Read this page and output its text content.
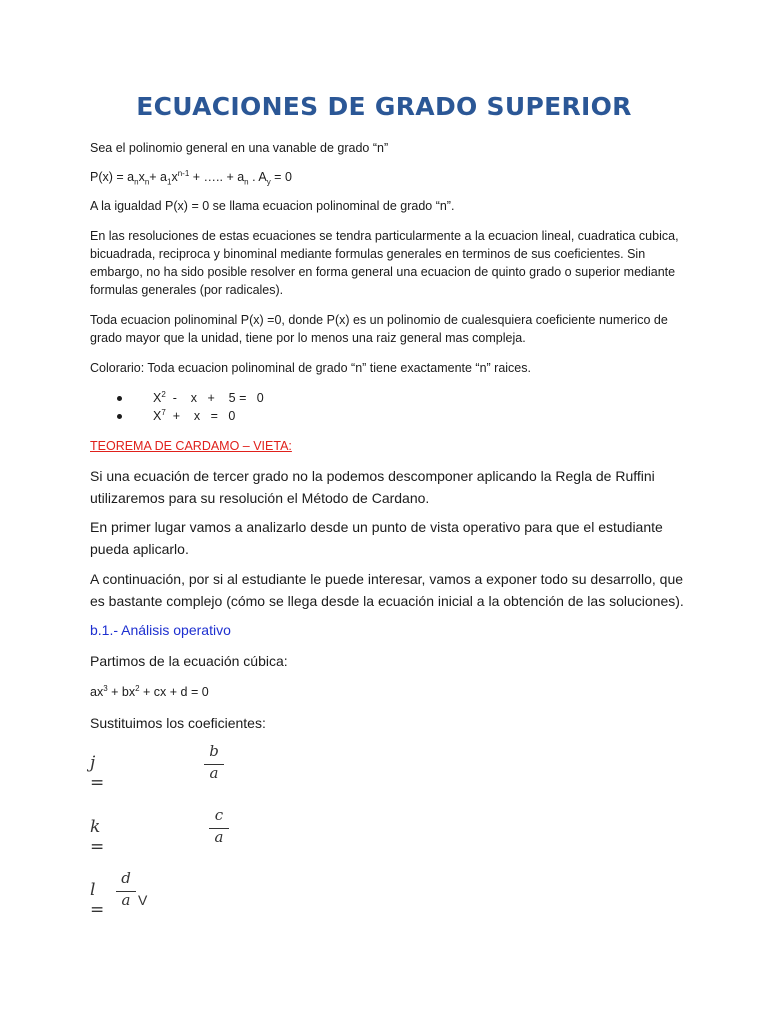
ECUACIONES DE GRADO SUPERIOR
Sea el polinomio general en una vanable de grado “n”
$P(x) = a_nx_n+ a_1x^{n-1}$ + ….. + $a_n$ . $A_y = 0$
A la igualdad P(x) = 0 se llama ecuacion polinominal de grado “n”.
En las resoluciones de estas ecuaciones se tendra particularmente a la ecuacion lineal, cuadratica cubica, bicuadrada, reciproca y binominal mediante formulas generales en terminos de sus coeficientes. Sin embargo, no ha sido posible resolver en forma general una ecuacion de quinto grado o superior mediante formulas generales (por radicales).
Toda ecuacion polinominal P(x) =0, donde P(x) es un polinomio de cualesquiera coeficiente numerico de grado mayor que la unidad, tiene por lo menos una raiz general mas compleja.
Colorario: Toda ecuacion polinominal de grado “n” tiene exactamente “n” raices.
$X^2$  -    x   +    5 =   0
$X^7$  +    x   =   0
TEOREMA DE CARDAMO – VIETA:
Si una ecuación de tercer grado no la podemos descomponer aplicando la Regla de Ruffini utilizaremos para su resolución el Método de Cardano.
En primer lugar vamos a analizarlo desde un punto de vista operativo para que el estudiante pueda aplicarlo.
A continuación, por si al estudiante le puede interesar, vamos a exponer todo su desarrollo, que es bastante complejo (cómo se llega desde la ecuación inicial a la obtención de las soluciones).
b.1.- Análisis operativo
Partimos de la ecuación cúbica:
$ax^3 + bx^2$ + cx + d = 0
Sustituimos los coeficientes:
j =
b
a
k =
c
a
l =
d
a V
